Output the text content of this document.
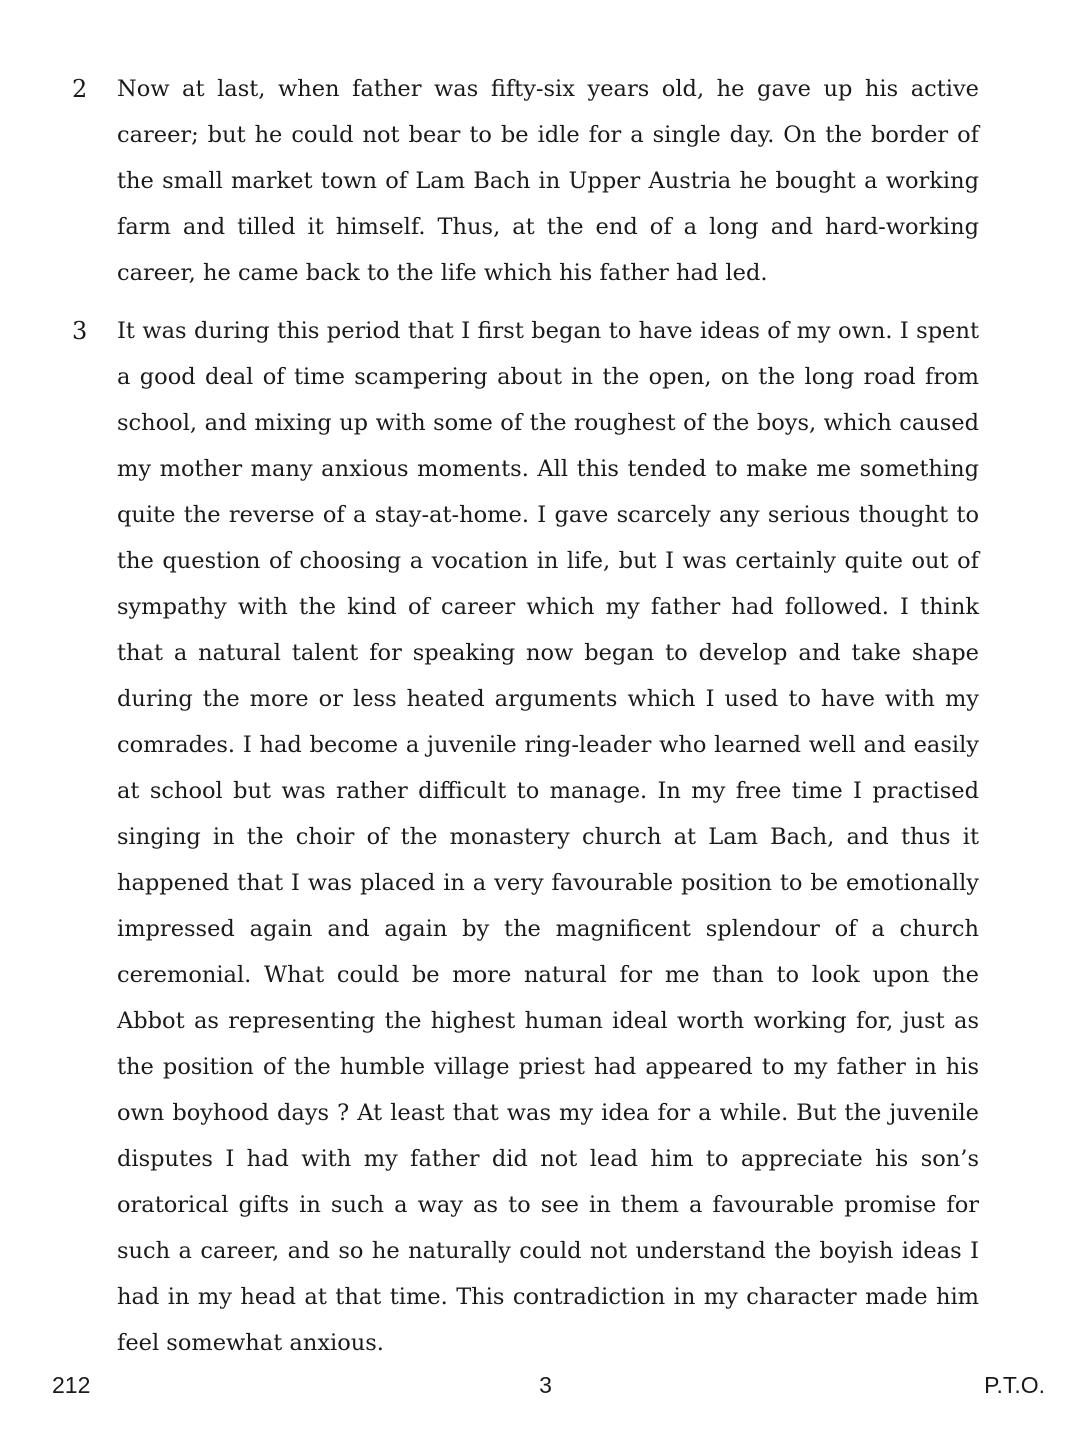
2 Now at last, when father was fifty-six years old, he gave up his active career; but he could not bear to be idle for a single day. On the border of the small market town of Lam Bach in Upper Austria he bought a working farm and tilled it himself. Thus, at the end of a long and hard-working career, he came back to the life which his father had led.
3 It was during this period that I first began to have ideas of my own. I spent a good deal of time scampering about in the open, on the long road from school, and mixing up with some of the roughest of the boys, which caused my mother many anxious moments. All this tended to make me something quite the reverse of a stay-at-home. I gave scarcely any serious thought to the question of choosing a vocation in life, but I was certainly quite out of sympathy with the kind of career which my father had followed. I think that a natural talent for speaking now began to develop and take shape during the more or less heated arguments which I used to have with my comrades. I had become a juvenile ring-leader who learned well and easily at school but was rather difficult to manage. In my free time I practised singing in the choir of the monastery church at Lam Bach, and thus it happened that I was placed in a very favourable position to be emotionally impressed again and again by the magnificent splendour of a church ceremonial. What could be more natural for me than to look upon the Abbot as representing the highest human ideal worth working for, just as the position of the humble village priest had appeared to my father in his own boyhood days ? At least that was my idea for a while. But the juvenile disputes I had with my father did not lead him to appreciate his son’s oratorical gifts in such a way as to see in them a favourable promise for such a career, and so he naturally could not understand the boyish ideas I had in my head at that time. This contradiction in my character made him feel somewhat anxious.
212	3	P.T.O.
